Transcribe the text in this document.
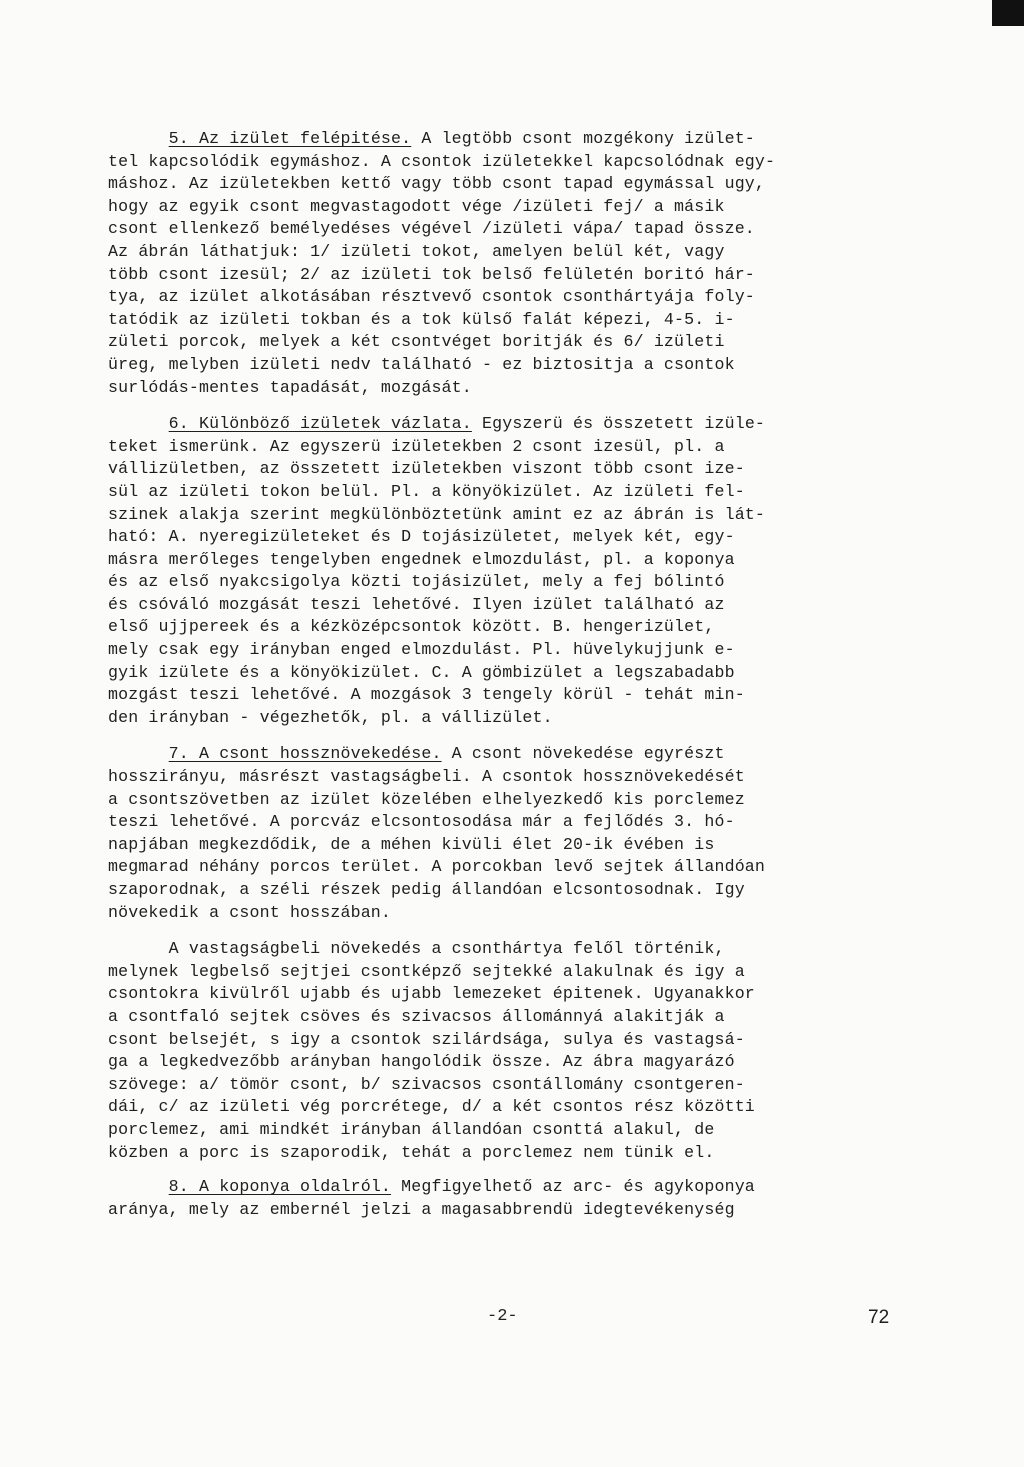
5. Az izület felépitése. A legtöbb csont mozgékony izület-
tel kapcsolódik egymáshoz. A csontok izületekkel kapcsolódnak egy-
máshoz. Az izületekben kettő vagy több csont tapad egymással ugy,
hogy az egyik csont megvastagodott vége /izületi fej/ a másik
csont ellenkező bemélyedéses végével /izületi vápa/ tapad össze.
Az ábrán láthatjuk: 1/ izületi tokot, amelyen belül két, vagy
több csont izesül; 2/ az izületi tok belső felületén boritó hár-
tya, az izület alkotásában résztvevő csontok csonthártyája foly-
tatódik az izületi tokban és a tok külső falát képezi, 4-5. i-
zületi porcok, melyek a két csontvéget boritják és 6/ izületi
üreg, melyben izületi nedv található - ez biztositja a csontok
surlódás-mentes tapadását, mozgását.
6. Különböző izületek vázlata. Egyszerü és összetett izüle-
teket ismerünk. Az egyszerü izületekben 2 csont izesül, pl. a
vállizületben, az összetett izületekben viszont több csont ize-
sül az izületi tokon belül. Pl. a könyökizület. Az izületi fel-
szinek alakja szerint megkülönböztetünk amint ez az ábrán is lát-
ható: A. nyeregizületeket és D tojásizületet, melyek két, egy-
másra merőleges tengelyben engednek elmozdulást, pl. a koponya
és az első nyakcsigolya közti tojásizület, mely a fej bólintó
és csóváló mozgását teszi lehetővé. Ilyen izület található az
első ujjpereek és a kézközépcsontok között. B. hengerizület,
mely csak egy irányban enged elmozdulást. Pl. hüvelykujjunk e-
gyik izülete és a könyökizület. C. A gömbizület a legszabadabb
mozgást teszi lehetővé. A mozgások 3 tengely körül - tehát min-
den irányban - végezhetők, pl. a vállizület.
7. A csont hossznövekedése. A csont növekedése egyrészt
hosszirányu, másrészt vastagságbeli. A csontok hossznövekedését
a csontszövetben az izület közelében elhelyezkedő kis porclemez
teszi lehetővé. A porcváz elcsontosodása már a fejlődés 3. hó-
napjában megkezdődik, de a méhen kivüli élet 20-ik évében is
megmarad néhány porcos terület. A porcokban levő sejtek állandóan
szaporodnak, a széli részek pedig állandóan elcsontosodnak. Igy
növekedik a csont hosszában.
A vastagságbeli növekedés a csonthártya felől történik,
melynek legbelső sejtjei csontképző sejtekké alakulnak és igy a
csontokra kivülről ujabb és ujabb lemezeket épitenek. Ugyanakkor
a csontfaló sejtek csöves és szivacsos állománnyá alakitják a
csont belsejét, s igy a csontok szilárdsága, sulya és vastagsá-
ga a legkedvezőbb arányban hangolódik össze. Az ábra magyarázó
szövege: a/ tömör csont, b/ szivacsos csontállomány csontgeren-
dái, c/ az izületi vég porcrétege, d/ a két csontos rész közötti
porclemez, ami mindkét irányban állandóan csonttá alakul, de
közben a porc is szaporodik, tehát a porclemez nem tünik el.
8. A koponya oldalról. Megfigyelhető az arc- és agykoponya
aránya, mely az embernél jelzi a magasabbrendü idegtevékenység
-2-	72
